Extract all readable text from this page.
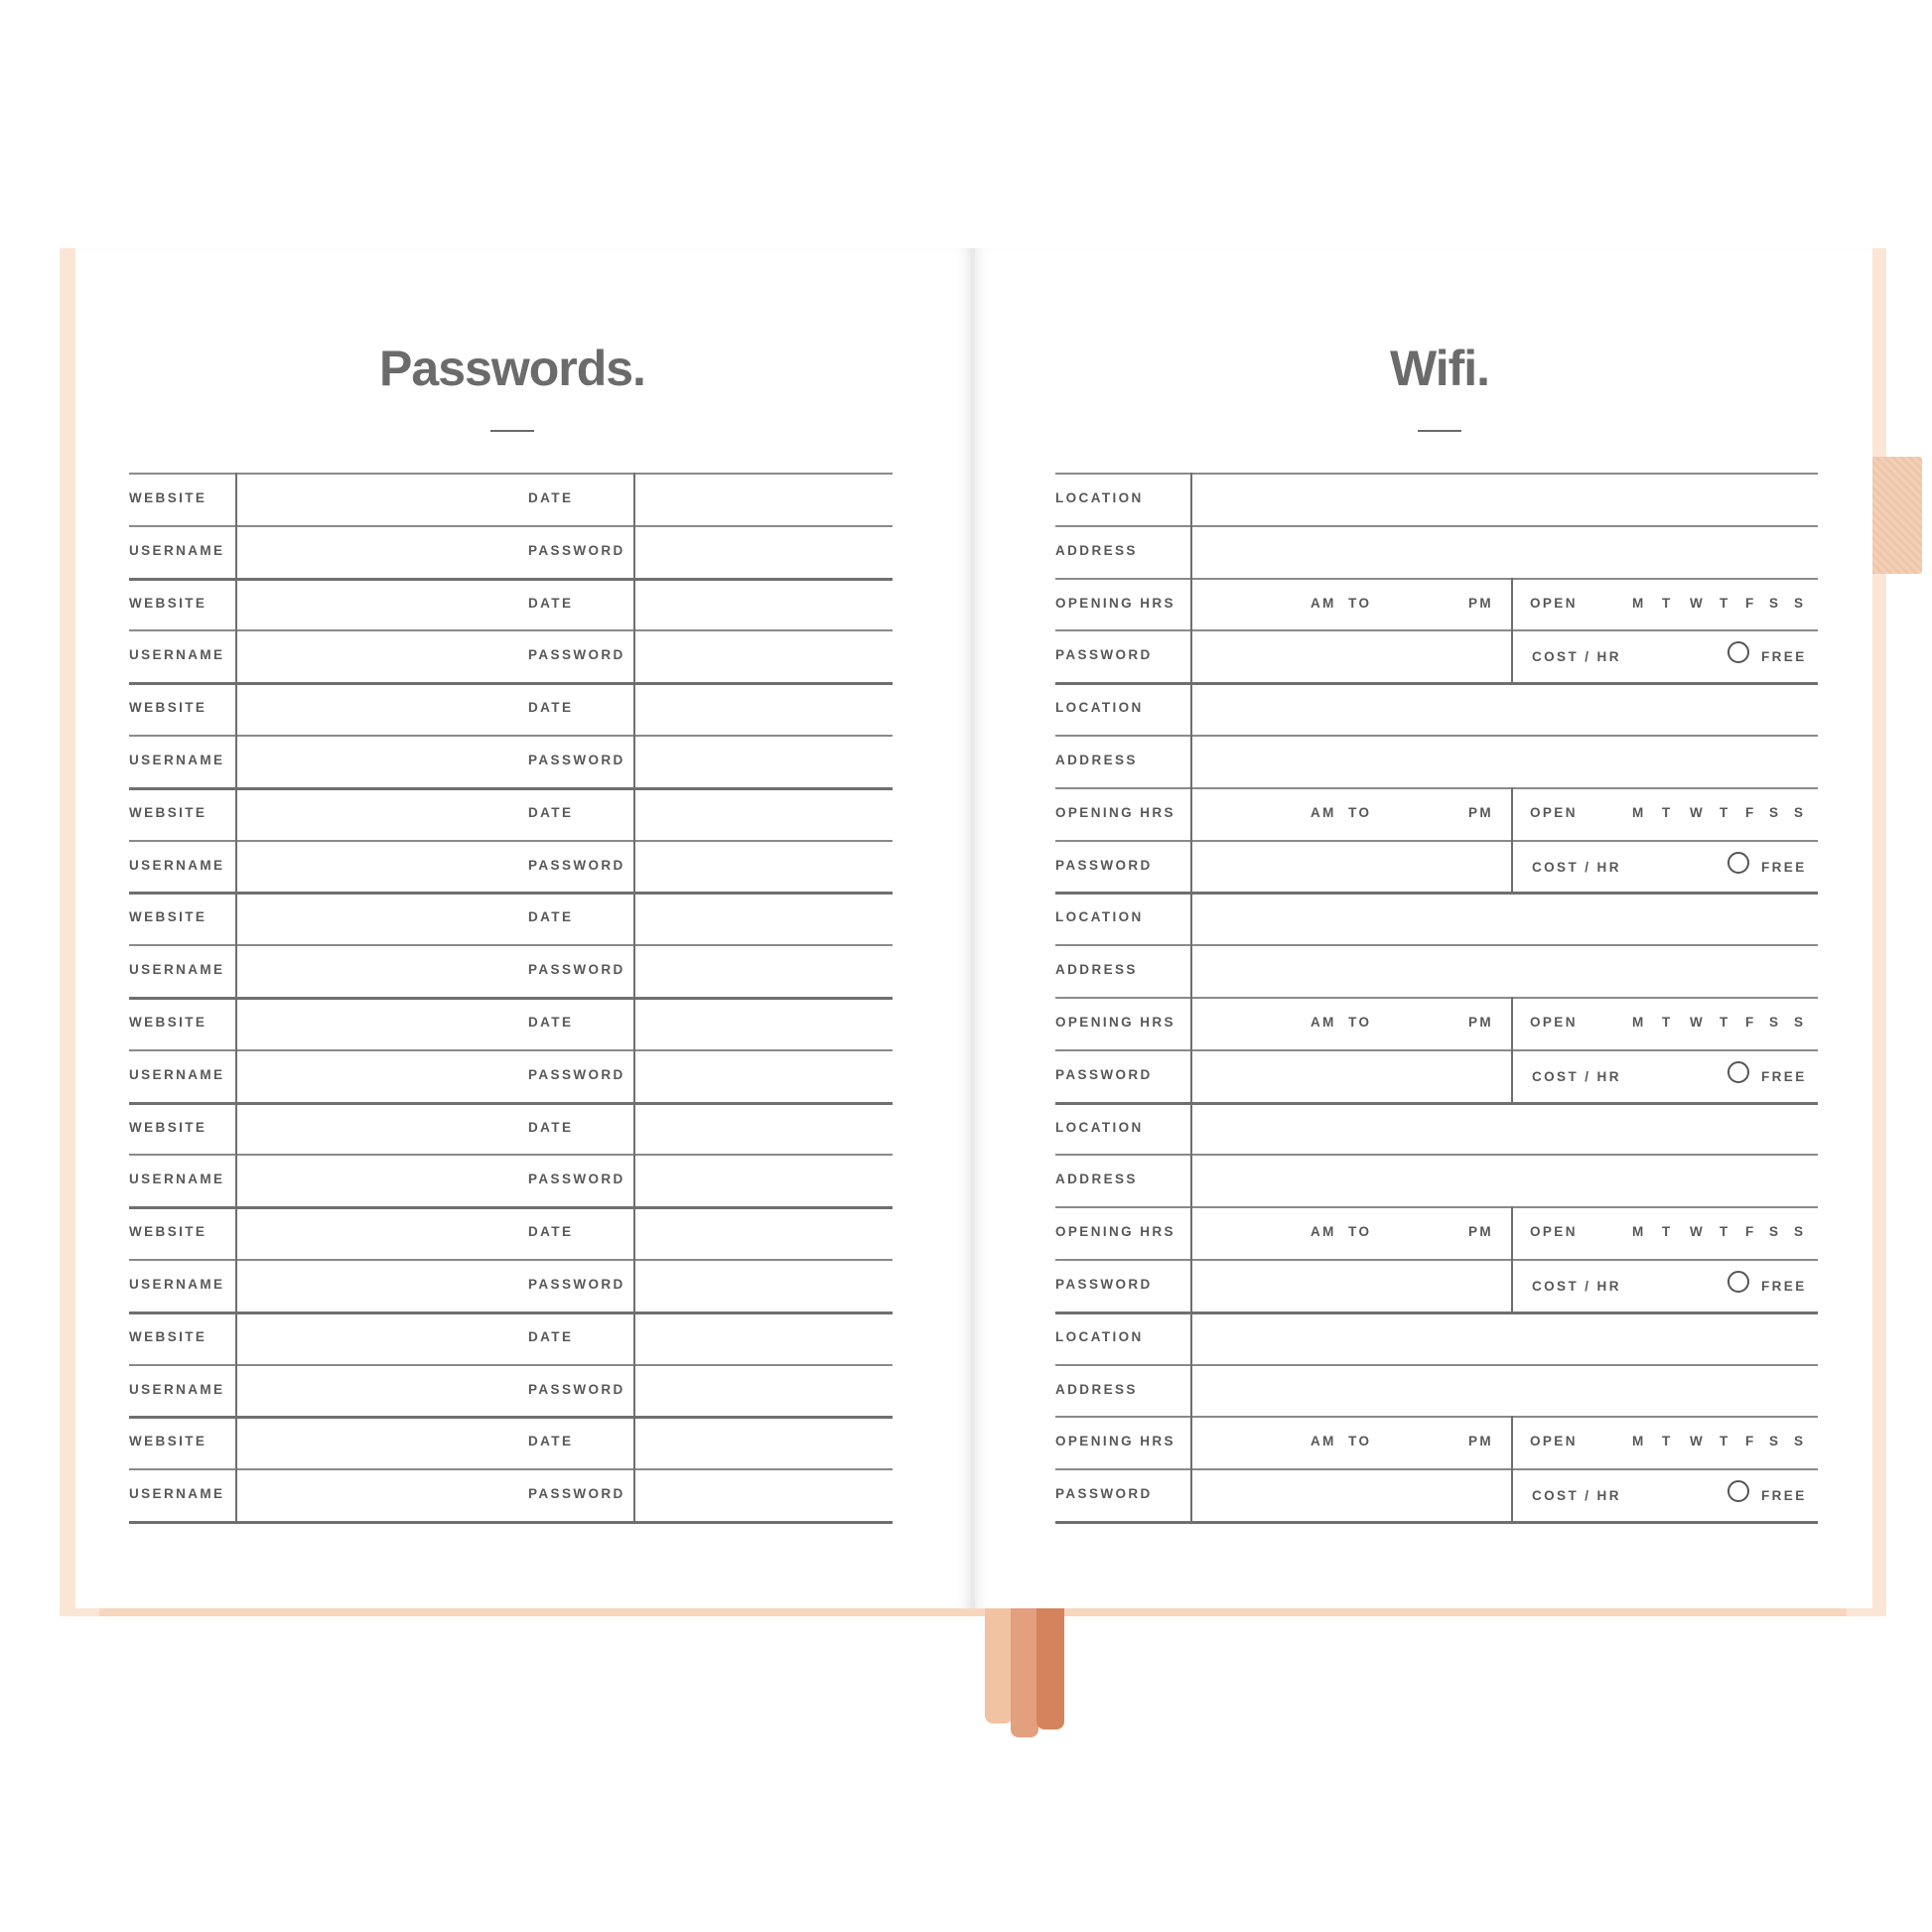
Passwords.	Wifi.
WEBSITE	DATE
USERNAME	PASSWORD
WEBSITE	DATE
USERNAME	PASSWORD
WEBSITE	DATE
USERNAME	PASSWORD
WEBSITE	DATE
USERNAME	PASSWORD
WEBSITE	DATE
USERNAME	PASSWORD
WEBSITE	DATE
USERNAME	PASSWORD
WEBSITE	DATE
USERNAME	PASSWORD
WEBSITE	DATE
USERNAME	PASSWORD
WEBSITE	DATE
USERNAME	PASSWORD
WEBSITE	DATE
USERNAME	PASSWORD
LOCATION
ADDRESS
OPENING HRS	AM  TO	PM	OPEN	M T W T F S S
PASSWORD	COST / HR	FREE
LOCATION
ADDRESS
OPENING HRS	AM  TO	PM	OPEN	M T W T F S S
PASSWORD	COST / HR	FREE
LOCATION
ADDRESS
OPENING HRS	AM  TO	PM	OPEN	M T W T F S S
PASSWORD	COST / HR	FREE
LOCATION
ADDRESS
OPENING HRS	AM  TO	PM	OPEN	M T W T F S S
PASSWORD	COST / HR	FREE
LOCATION
ADDRESS
OPENING HRS	AM  TO	PM	OPEN	M T W T F S S
PASSWORD	COST / HR	FREE
